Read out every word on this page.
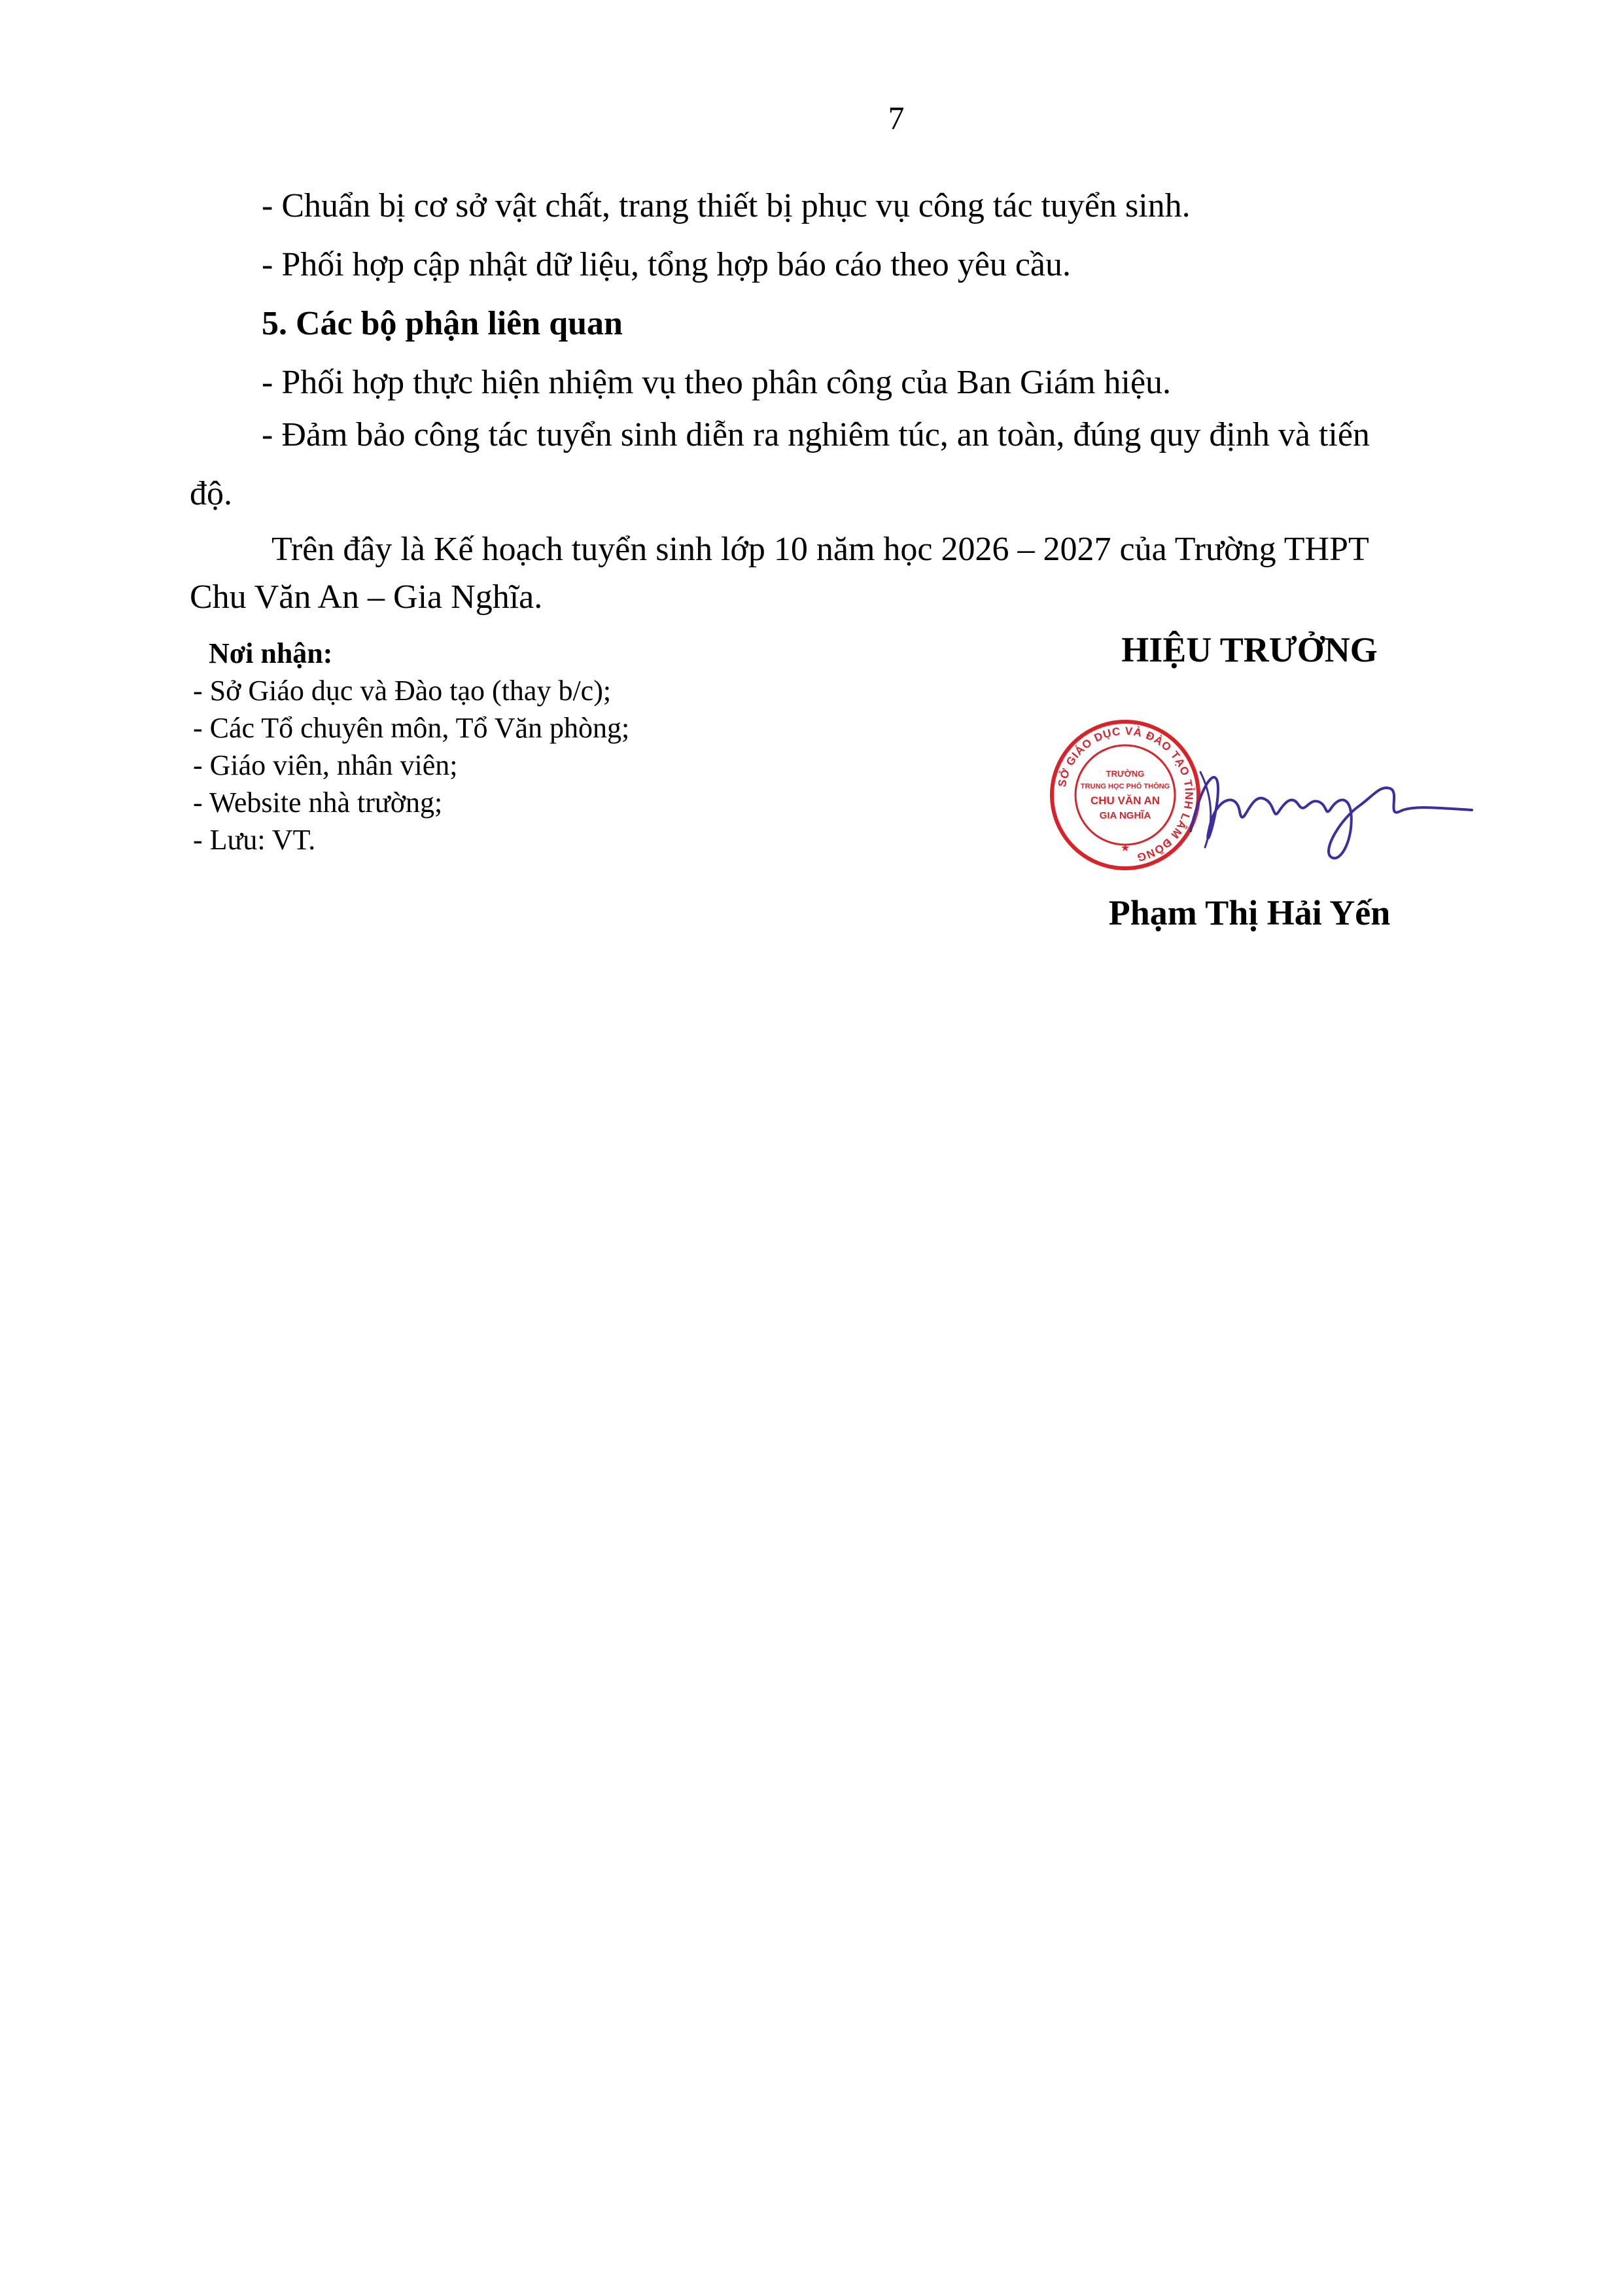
7

- Chuẩn bị cơ sở vật chất, trang thiết bị phục vụ công tác tuyển sinh.

- Phối hợp cập nhật dữ liệu, tổng hợp báo cáo theo yêu cầu.

5. Các bộ phận liên quan

- Phối hợp thực hiện nhiệm vụ theo phân công của Ban Giám hiệu.

- Đảm bảo công tác tuyển sinh diễn ra nghiêm túc, an toàn, đúng quy định và tiến
độ.
Trên đây là Kế hoạch tuyển sinh lớp 10 năm học 2026 – 2027 của Trường THPT
Chu Văn An – Gia Nghĩa.
Nơi nhận:
- Sở Giáo dục và Đào tạo (thay b/c);
- Các Tổ chuyên môn, Tổ Văn phòng;
- Giáo viên, nhân viên;
- Website nhà trường;
- Lưu: VT.
HIỆU TRƯỞNG
SỞ GIÁO DỤC VÀ ĐÀO TẠO TỈNH LÂM ĐỒNG
TRƯỜNG
TRUNG HỌC PHỔ THÔNG
CHU VĂN AN
GIA NGHĨA
★
Phạm Thị Hải Yến
